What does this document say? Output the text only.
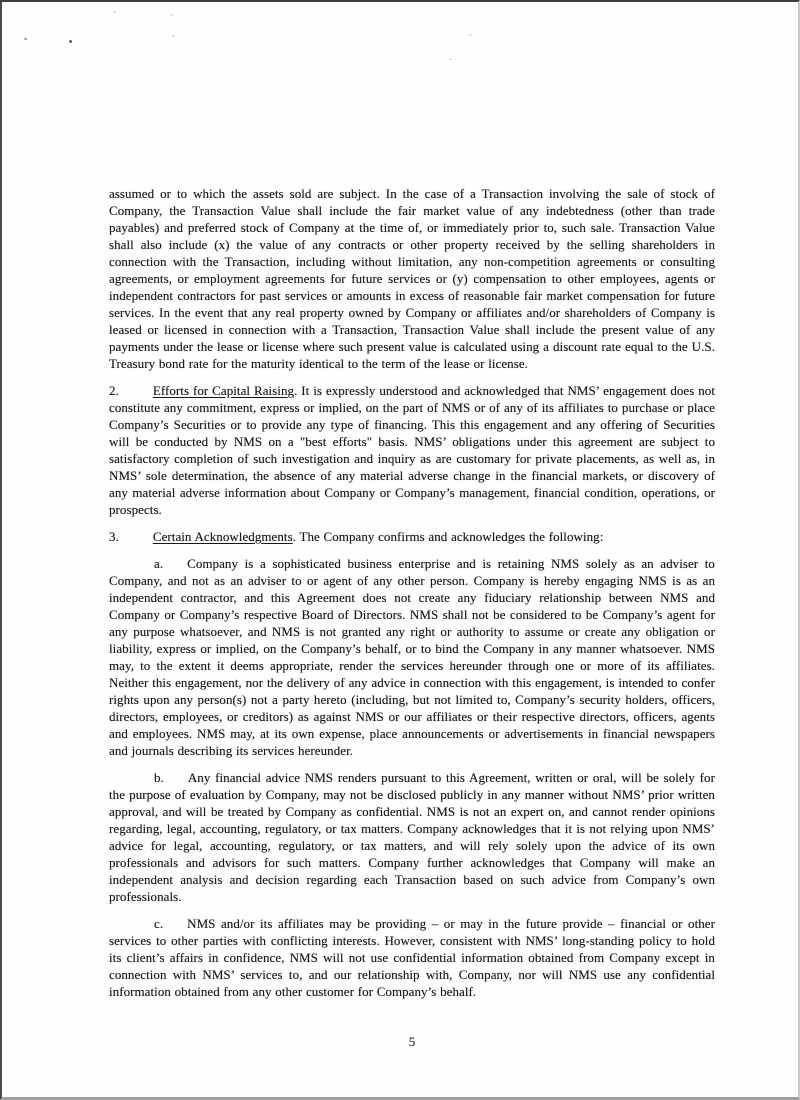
assumed or to which the assets sold are subject. In the case of a Transaction involving the sale of stock of Company, the Transaction Value shall include the fair market value of any indebtedness (other than trade payables) and preferred stock of Company at the time of, or immediately prior to, such sale. Transaction Value shall also include (x) the value of any contracts or other property received by the selling shareholders in connection with the Transaction, including without limitation, any non-competition agreements or consulting agreements, or employment agreements for future services or (y) compensation to other employees, agents or independent contractors for past services or amounts in excess of reasonable fair market compensation for future services. In the event that any real property owned by Company or affiliates and/or shareholders of Company is leased or licensed in connection with a Transaction, Transaction Value shall include the present value of any payments under the lease or license where such present value is calculated using a discount rate equal to the U.S. Treasury bond rate for the maturity identical to the term of the lease or license.

2.	Efforts for Capital Raising. It is expressly understood and acknowledged that NMS’ engagement does not constitute any commitment, express or implied, on the part of NMS or of any of its affiliates to purchase or place Company’s Securities or to provide any type of financing. This this engagement and any offering of Securities will be conducted by NMS on a "best efforts" basis. NMS’ obligations under this agreement are subject to satisfactory completion of such investigation and inquiry as are customary for private placements, as well as, in NMS’ sole determination, the absence of any material adverse change in the financial markets, or discovery of any material adverse information about Company or Company’s management, financial condition, operations, or prospects.

3.	Certain Acknowledgments. The Company confirms and acknowledges the following:

a. Company is a sophisticated business enterprise and is retaining NMS solely as an adviser to Company, and not as an adviser to or agent of any other person. Company is hereby engaging NMS is as an independent contractor, and this Agreement does not create any fiduciary relationship between NMS and Company or Company’s respective Board of Directors. NMS shall not be considered to be Company’s agent for any purpose whatsoever, and NMS is not granted any right or authority to assume or create any obligation or liability, express or implied, on the Company’s behalf, or to bind the Company in any manner whatsoever. NMS may, to the extent it deems appropriate, render the services hereunder through one or more of its affiliates. Neither this engagement, nor the delivery of any advice in connection with this engagement, is intended to confer rights upon any person(s) not a party hereto (including, but not limited to, Company’s security holders, officers, directors, employees, or creditors) as against NMS or our affiliates or their respective directors, officers, agents and employees. NMS may, at its own expense, place announcements or advertisements in financial newspapers and journals describing its services hereunder.

b. Any financial advice NMS renders pursuant to this Agreement, written or oral, will be solely for the purpose of evaluation by Company, may not be disclosed publicly in any manner without NMS’ prior written approval, and will be treated by Company as confidential. NMS is not an expert on, and cannot render opinions regarding, legal, accounting, regulatory, or tax matters. Company acknowledges that it is not relying upon NMS’ advice for legal, accounting, regulatory, or tax matters, and will rely solely upon the advice of its own professionals and advisors for such matters. Company further acknowledges that Company will make an independent analysis and decision regarding each Transaction based on such advice from Company’s own professionals.

c. NMS and/or its affiliates may be providing – or may in the future provide – financial or other services to other parties with conflicting interests. However, consistent with NMS’ long-standing policy to hold its client’s affairs in confidence, NMS will not use confidential information obtained from Company except in connection with NMS’ services to, and our relationship with, Company, nor will NMS use any confidential information obtained from any other customer for Company’s behalf.

5
